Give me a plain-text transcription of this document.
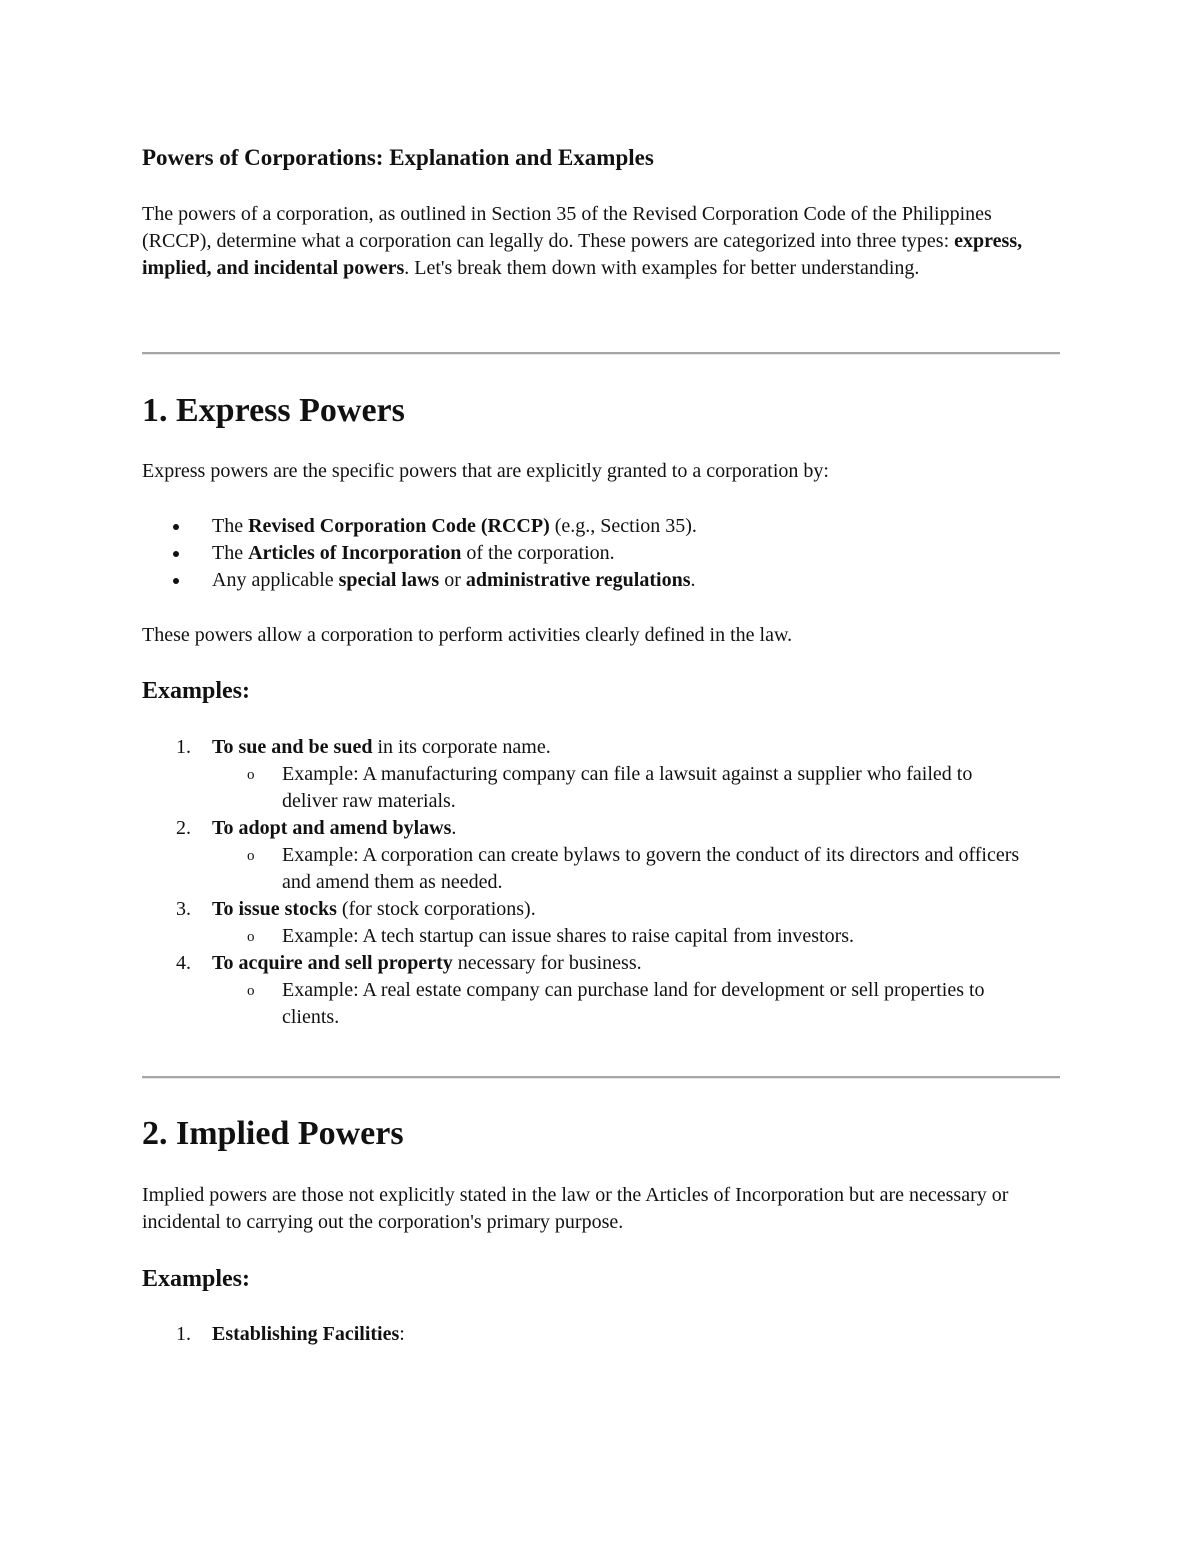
Powers of Corporations: Explanation and Examples

The powers of a corporation, as outlined in Section 35 of the Revised Corporation Code of the Philippines (RCCP), determine what a corporation can legally do. These powers are categorized into three types: express, implied, and incidental powers. Let's break them down with examples for better understanding.

1. Express Powers

Express powers are the specific powers that are explicitly granted to a corporation by:

The Revised Corporation Code (RCCP) (e.g., Section 35).
The Articles of Incorporation of the corporation.
Any applicable special laws or administrative regulations.

These powers allow a corporation to perform activities clearly defined in the law.

Examples:
1. To sue and be sued in its corporate name.
o Example: A manufacturing company can file a lawsuit against a supplier who failed to deliver raw materials.
2. To adopt and amend bylaws.
o Example: A corporation can create bylaws to govern the conduct of its directors and officers and amend them as needed.
3. To issue stocks (for stock corporations).
o Example: A tech startup can issue shares to raise capital from investors.
4. To acquire and sell property necessary for business.
o Example: A real estate company can purchase land for development or sell properties to clients.
2. Implied Powers

Implied powers are those not explicitly stated in the law or the Articles of Incorporation but are necessary or incidental to carrying out the corporation's primary purpose.

Examples:
1. Establishing Facilities:
